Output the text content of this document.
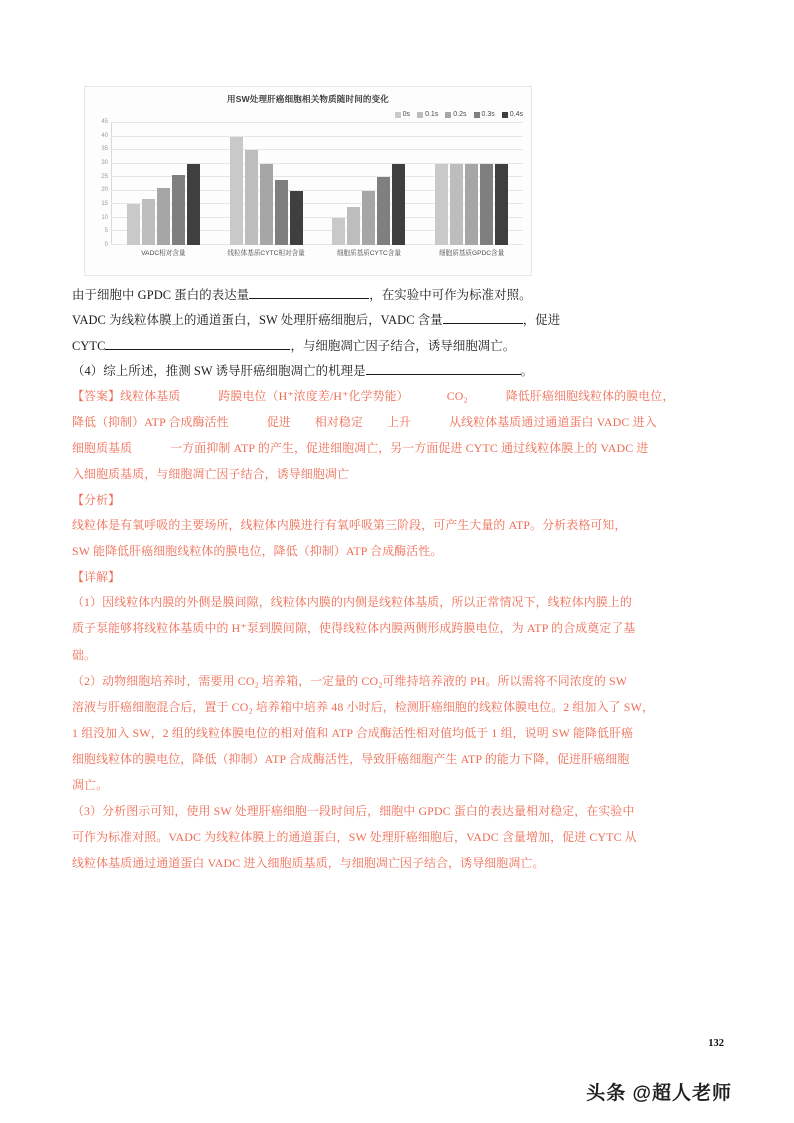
用SW处理肝癌细胞相关物质随时间的变化
0s 0.1s 0.2s 0.3s 0.4s
0
5
10
15
20
25
30
35
40
45
VADC相对含量	线粒体基质CYTC相对含量	细胞质基质CYTC含量	细胞质基质GPDC含量

由于细胞中 GPDC 蛋白的表达量	，在实验中可作为标准对照。

VADC 为线粒体膜上的通道蛋白，SW 处理肝癌细胞后，VADC 含量	，促进

CYTC	，与细胞凋亡因子结合，诱导细胞凋亡。

（4）综上所述，推测 SW 诱导肝癌细胞凋亡的机理是	。

【答案】线粒体基质	跨膜电位（H⁺浓度差/H⁺化学势能）	CO₂	降低肝癌细胞线粒体的膜电位，

降低（抑制）ATP 合成酶活性	促进 相对稳定 上升	从线粒体基质通过通道蛋白 VADC 进入

细胞质基质	一方面抑制 ATP 的产生，促进细胞凋亡，另一方面促进 CYTC 通过线粒体膜上的 VADC 进

入细胞质基质，与细胞凋亡因子结合，诱导细胞凋亡

【分析】

线粒体是有氧呼吸的主要场所，线粒体内膜进行有氧呼吸第三阶段，可产生大量的 ATP。分析表格可知，

SW 能降低肝癌细胞线粒体的膜电位，降低（抑制）ATP 合成酶活性。

【详解】

（1）因线粒体内膜的外侧是膜间隙，线粒体内膜的内侧是线粒体基质，所以正常情况下，线粒体内膜上的

质子泵能够将线粒体基质中的 H⁺泵到膜间隙，使得线粒体内膜两侧形成跨膜电位，为 ATP 的合成奠定了基

础。

（2）动物细胞培养时，需要用 CO₂ 培养箱，一定量的 CO₂可维持培养液的 PH。所以需将不同浓度的 SW

溶液与肝癌细胞混合后，置于 CO₂ 培养箱中培养 48 小时后，检测肝癌细胞的线粒体膜电位。2 组加入了 SW，

1 组没加入 SW，2 组的线粒体膜电位的相对值和 ATP 合成酶活性相对值均低于 1 组，说明 SW 能降低肝癌

细胞线粒体的膜电位，降低（抑制）ATP 合成酶活性，导致肝癌细胞产生 ATP 的能力下降，促进肝癌细胞

凋亡。

（3）分析图示可知，使用 SW 处理肝癌细胞一段时间后，细胞中 GPDC 蛋白的表达量相对稳定，在实验中

可作为标准对照。VADC 为线粒体膜上的通道蛋白，SW 处理肝癌细胞后，VADC 含量增加，促进 CYTC 从

线粒体基质通过通道蛋白 VADC 进入细胞质基质，与细胞凋亡因子结合，诱导细胞凋亡。

132
头条 @超人老师
